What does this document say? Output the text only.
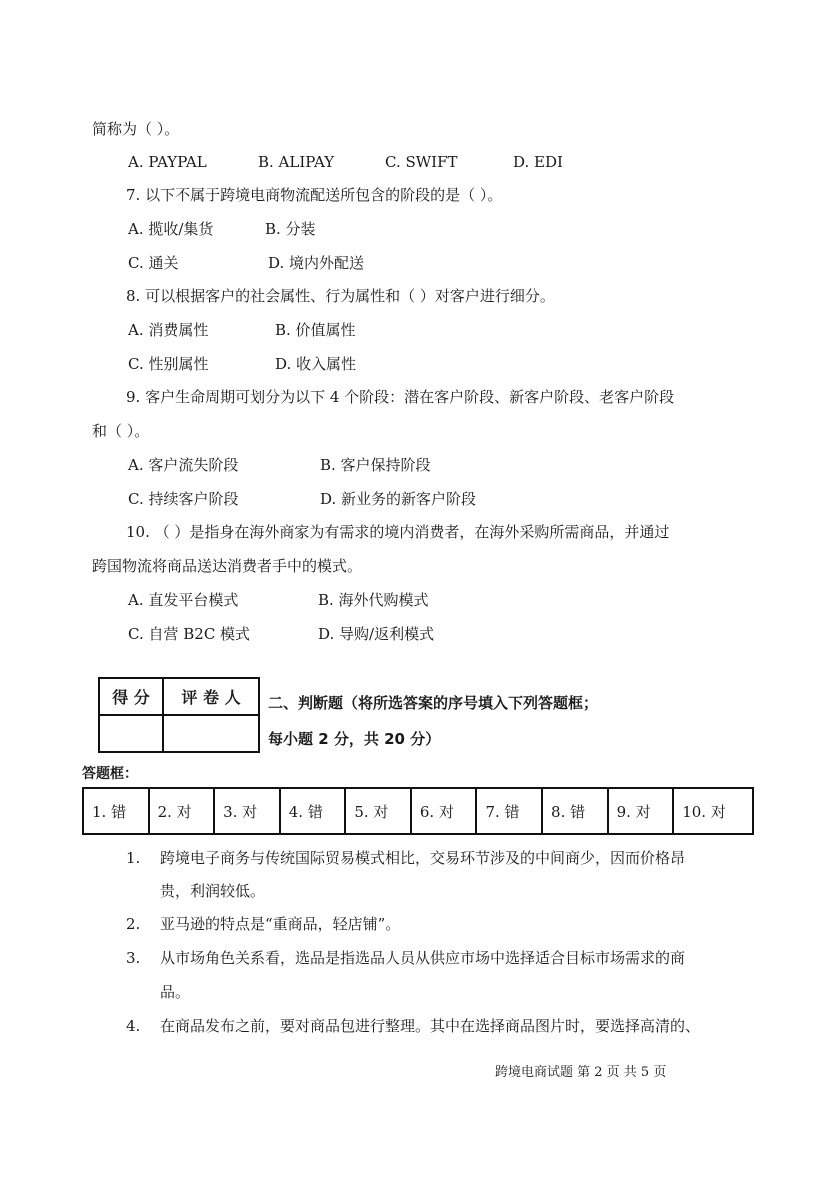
简称为（ ）。
A. PAYPAL	B. ALIPAY	C. SWIFT	D. EDI
7. 以下不属于跨境电商物流配送所包含的阶段的是（ ）。
A. 揽收/集货	B. 分装
C. 通关	D. 境内外配送
8. 可以根据客户的社会属性、行为属性和（ ）对客户进行细分。
A. 消费属性	B. 价值属性
C. 性别属性	D. 收入属性
9. 客户生命周期可划分为以下 4 个阶段：潜在客户阶段、新客户阶段、老客户阶段
和（ ）。
A. 客户流失阶段	B. 客户保持阶段
C. 持续客户阶段	D. 新业务的新客户阶段
10. （ ）是指身在海外商家为有需求的境内消费者，在海外采购所需商品，并通过
跨国物流将商品送达消费者手中的模式。
A. 直发平台模式	B. 海外代购模式
C. 自营 B2C 模式	D. 导购/返利模式
得 分	评 卷 人
	二、判断题（将所选答案的序号填入下列答题框；
每小题 2 分，共 20 分）
答题框：
1. 错	2. 对	3. 对	4. 错	5. 对	6. 对	7. 错	8. 错	9. 对	10. 对
1. 跨境电子商务与传统国际贸易模式相比，交易环节涉及的中间商少，因而价格昂
贵，利润较低。
2. 亚马逊的特点是“重商品，轻店铺”。
3. 从市场角色关系看，选品是指选品人员从供应市场中选择适合目标市场需求的商
品。
4. 在商品发布之前，要对商品包进行整理。其中在选择商品图片时，要选择高清的、
跨境电商试题 第 2 页 共 5 页
